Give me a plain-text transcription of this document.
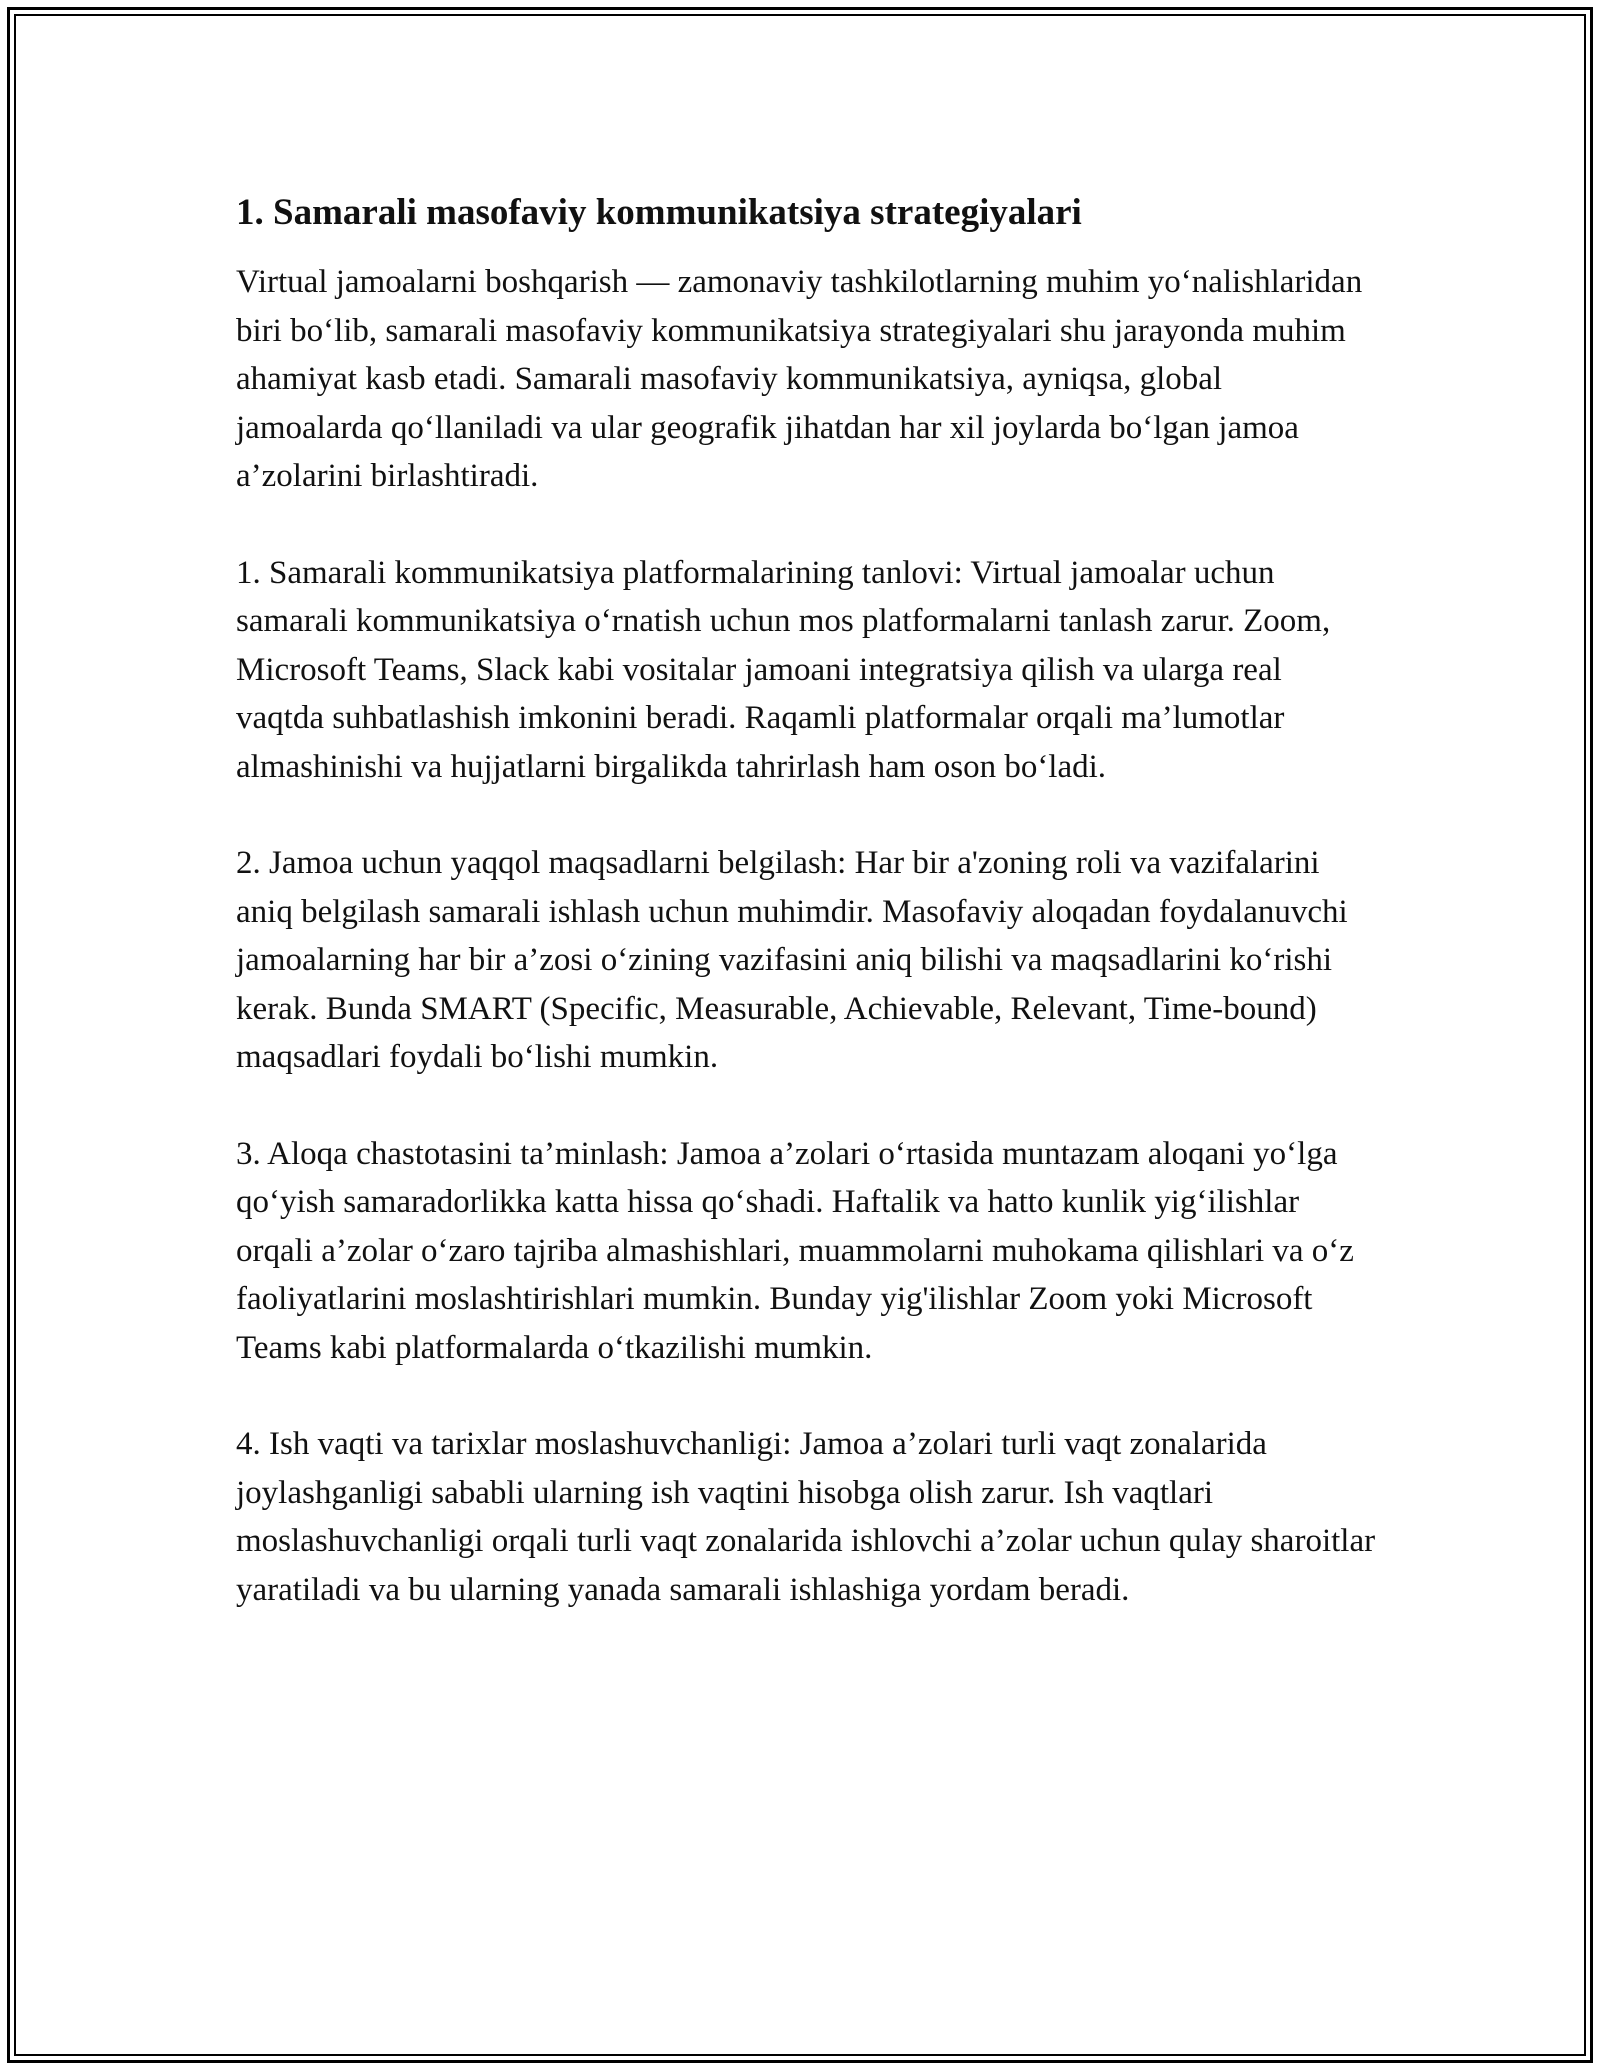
1. Samarali masofaviy kommunikatsiya strategiyalari

Virtual jamoalarni boshqarish — zamonaviy tashkilotlarning muhim yo‘nalishlaridan biri bo‘lib, samarali masofaviy kommunikatsiya strategiyalari shu jarayonda muhim ahamiyat kasb etadi. Samarali masofaviy kommunikatsiya, ayniqsa, global jamoalarda qo‘llaniladi va ular geografik jihatdan har xil joylarda bo‘lgan jamoa a’zolarini birlashtiradi.

1. Samarali kommunikatsiya platformalarining tanlovi: Virtual jamoalar uchun samarali kommunikatsiya o‘rnatish uchun mos platformalarni tanlash zarur. Zoom, Microsoft Teams, Slack kabi vositalar jamoani integratsiya qilish va ularga real vaqtda suhbatlashish imkonini beradi. Raqamli platformalar orqali ma’lumotlar almashinishi va hujjatlarni birgalikda tahrirlash ham oson bo‘ladi.

2. Jamoa uchun yaqqol maqsadlarni belgilash: Har bir a'zoning roli va vazifalarini aniq belgilash samarali ishlash uchun muhimdir. Masofaviy aloqadan foydalanuvchi jamoalarning har bir a’zosi o‘zining vazifasini aniq bilishi va maqsadlarini ko‘rishi kerak. Bunda SMART (Specific, Measurable, Achievable, Relevant, Time-bound) maqsadlari foydali bo‘lishi mumkin.

3. Aloqa chastotasini ta’minlash: Jamoa a’zolari o‘rtasida muntazam aloqani yo‘lga qo‘yish samaradorlikka katta hissa qo‘shadi. Haftalik va hatto kunlik yig‘ilishlar orqali a’zolar o‘zaro tajriba almashishlari, muammolarni muhokama qilishlari va o‘z faoliyatlarini moslashtirishlari mumkin. Bunday yig'ilishlar Zoom yoki Microsoft Teams kabi platformalarda o‘tkazilishi mumkin.

4. Ish vaqti va tarixlar moslashuvchanligi: Jamoa a’zolari turli vaqt zonalarida joylashganligi sababli ularning ish vaqtini hisobga olish zarur. Ish vaqtlari moslashuvchanligi orqali turli vaqt zonalarida ishlovchi a’zolar uchun qulay sharoitlar yaratiladi va bu ularning yanada samarali ishlashiga yordam beradi.
